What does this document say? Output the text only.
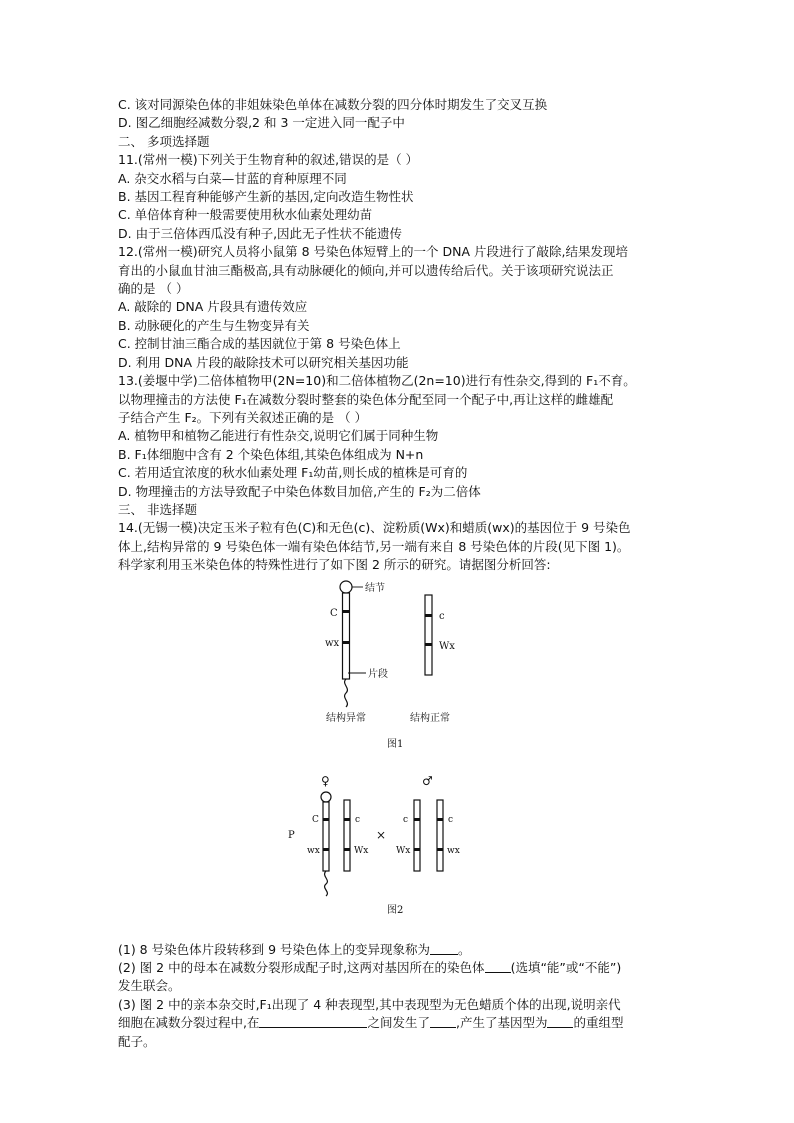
C. 该对同源染色体的非姐妹染色单体在减数分裂的四分体时期发生了交叉互换
D. 图乙细胞经减数分裂,2 和 3 一定进入同一配子中
二、 多项选择题
11.(常州一模)下列关于生物育种的叙述,错误的是（ ）
A. 杂交水稻与白菜—甘蓝的育种原理不同
B. 基因工程育种能够产生新的基因,定向改造生物性状
C. 单倍体育种一般需要使用秋水仙素处理幼苗
D. 由于三倍体西瓜没有种子,因此无子性状不能遗传
12.(常州一模)研究人员将小鼠第 8 号染色体短臂上的一个 DNA 片段进行了敲除,结果发现培
育出的小鼠血甘油三酯极高,具有动脉硬化的倾向,并可以遗传给后代。关于该项研究说法正
确的是 （ ）
A. 敲除的 DNA 片段具有遗传效应
B. 动脉硬化的产生与生物变异有关
C. 控制甘油三酯合成的基因就位于第 8 号染色体上
D. 利用 DNA 片段的敲除技术可以研究相关基因功能
13.(姜堰中学)二倍体植物甲(2N=10)和二倍体植物乙(2n=10)进行有性杂交,得到的 F₁不育。
以物理撞击的方法使 F₁在减数分裂时整套的染色体分配至同一个配子中,再让这样的雌雄配
子结合产生 F₂。下列有关叙述正确的是 （ ）
A. 植物甲和植物乙能进行有性杂交,说明它们属于同种生物
B. F₁体细胞中含有 2 个染色体组,其染色体组成为 N+n
C. 若用适宜浓度的秋水仙素处理 F₁幼苗,则长成的植株是可育的
D. 物理撞击的方法导致配子中染色体数目加倍,产生的 F₂为二倍体
三、 非选择题
14.(无锡一模)决定玉米子粒有色(C)和无色(c)、淀粉质(Wx)和蜡质(wx)的基因位于 9 号染色
体上,结构异常的 9 号染色体一端有染色体结节,另一端有来自 8 号染色体的片段(见下图 1)。
科学家利用玉米染色体的特殊性进行了如下图 2 所示的研究。请据图分析回答:
结节
片段
C
wx
结构异常
c
Wx
结构正常
图1
♀	♂
P	×
C
wx
c
Wx
c
Wx
c
wx
图2
(1) 8 号染色体片段转移到 9 号染色体上的变异现象称为 。
(2) 图 2 中的母本在减数分裂形成配子时,这两对基因所在的染色体 (选填“能”或“不能”)
发生联会。
(3) 图 2 中的亲本杂交时,F₁出现了 4 种表现型,其中表现型为无色蜡质个体的出现,说明亲代
细胞在减数分裂过程中,在	之间发生了 ,产生了基因型为 的重组型
配子。
